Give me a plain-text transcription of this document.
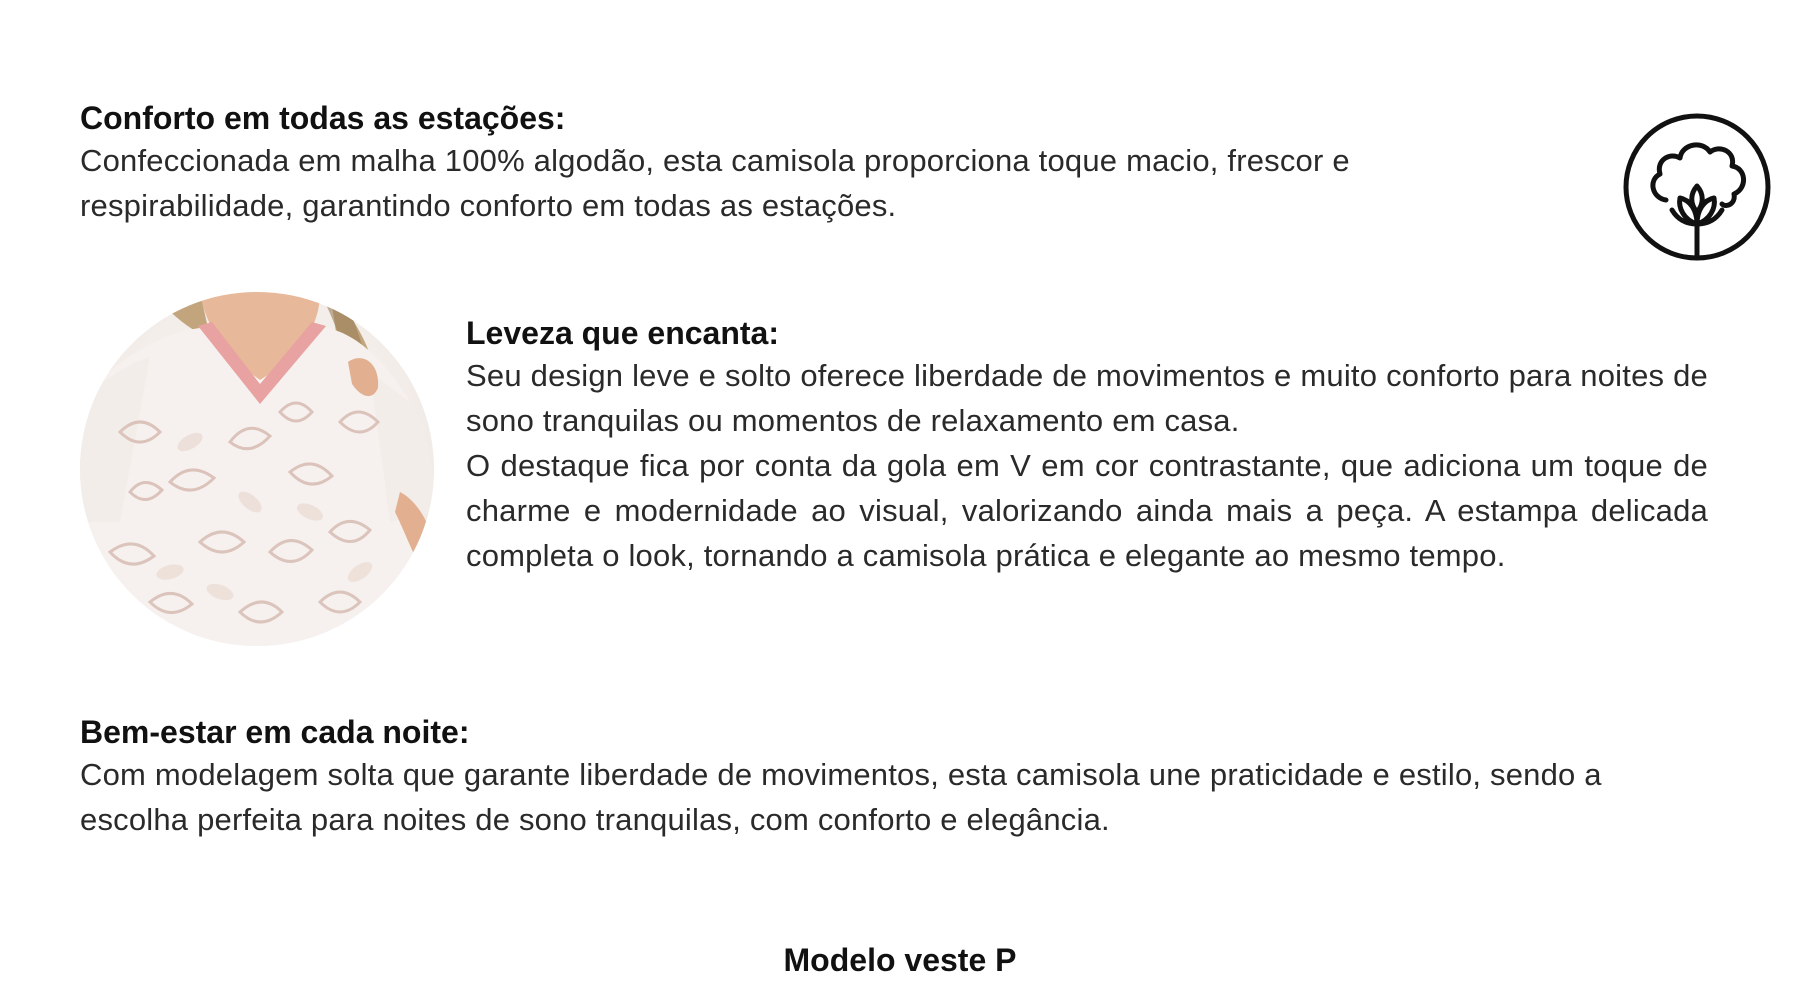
Conforto em todas as estações:

Confeccionada em malha 100% algodão, esta camisola proporciona toque macio, frescor e respirabilidade, garantindo conforto em todas as estações.

Leveza que encanta:

Seu design leve e solto oferece liberdade de movimentos e muito conforto para noites de sono tranquilas ou momentos de relaxamento em casa.

O destaque fica por conta da gola em V em cor contrastante, que adiciona um toque de charme e modernidade ao visual, valorizando ainda mais a peça. A estampa delicada completa o look, tornando a camisola prática e elegante ao mesmo tempo.

Bem-estar em cada noite:

Com modelagem solta que garante liberdade de movimentos, esta camisola une praticidade e estilo, sendo a escolha perfeita para noites de sono tranquilas, com conforto e elegância.

Modelo veste P
